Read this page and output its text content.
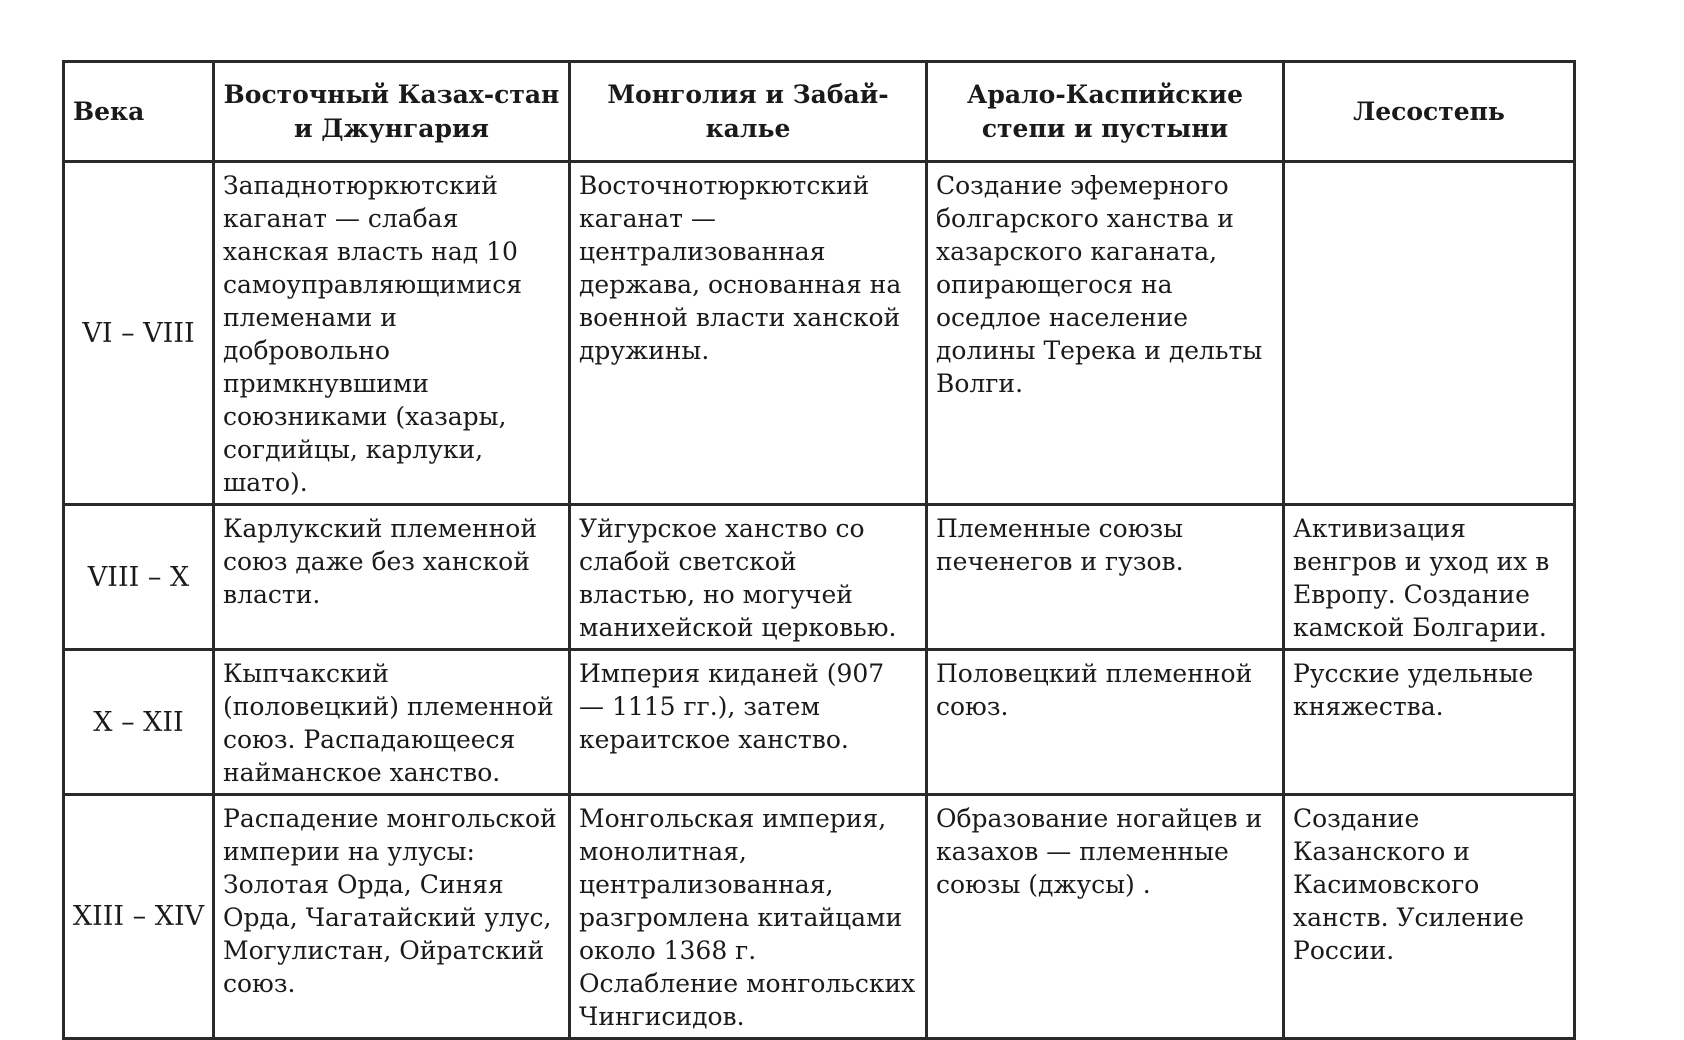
Века	Восточный Казах-стан и Джунгария	Монголия и Забай-калье	Арало-Каспийские степи и пустыни	Лесостепь
VI – VIII	Западнотюркютский каганат — слабая ханская власть над 10 самоуправляющимися племенами и добровольно примкнувшими союзниками (хазары, согдийцы, карлуки, шато).	Восточнотюркютский каганат — централизованная держава, основанная на военной власти ханской дружины.	Создание эфемерного болгарского ханства и хазарского каганата, опирающегося на оседлое население долины Терека и дельты Волги.	
VIII – X	Карлукский племенной союз даже без ханской власти.	Уйгурское ханство со слабой светской властью, но могучей манихейской церковью.	Племенные союзы печенегов и гузов.	Активизация венгров и уход их в Европу. Создание камской Болгарии.
X – XII	Кыпчакский (половецкий) племенной союз. Распадающееся найманское ханство.	Империя киданей (907 — 1115 гг.), затем кераитское ханство.	Половецкий племенной союз.	Русские удельные княжества.
XIII – XIV	Распадение монгольской империи на улусы: Золотая Орда, Синяя Орда, Чагатайский улус, Могулистан, Ойратский союз.	Монгольская империя, монолитная, централизованная, разгромлена китайцами около 1368 г. Ослабление монгольских Чингисидов.	Образование ногайцев и казахов — племенные союзы (джусы) .	Создание Казанского и Касимовского ханств. Усиление России.
